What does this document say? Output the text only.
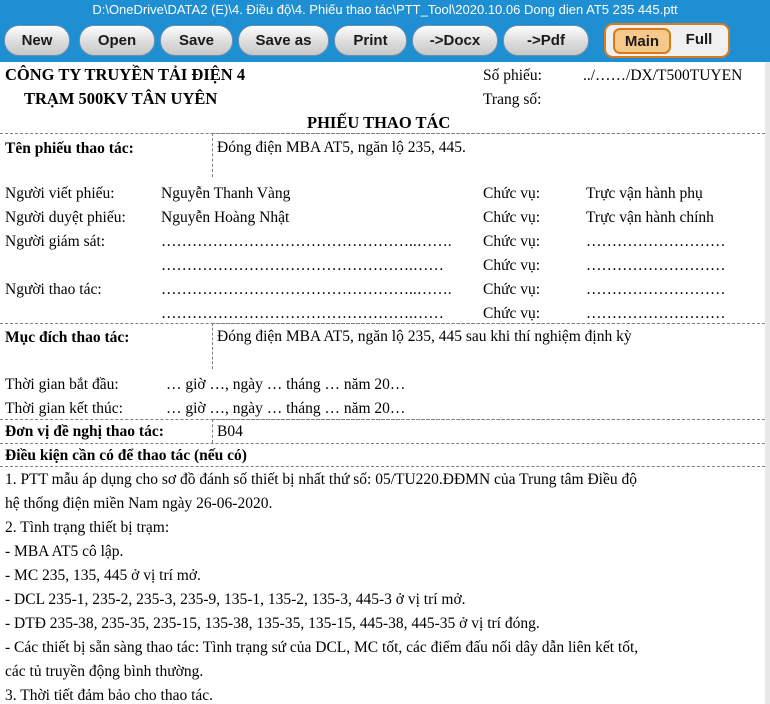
D:\OneDrive\DATA2 (E)\4. Điều độ\4. Phiếu thao tác\PTT_Tool\2020.10.06 Dong dien AT5 235 445.ptt
New	Open	Save	Save as	Print	->Docx	->Pdf	Main	Full
CÔNG TY TRUYỀN TẢI ĐIỆN 4
TRẠM 500KV TÂN UYÊN
Số phiếu:	../……/DX/T500TUYEN
Trang số:
PHIẾU THAO TÁC
Tên phiếu thao tác:	Đóng điện MBA AT5, ngăn lộ 235, 445.
Người viết phiếu:	Nguyễn Thanh Vàng	Chức vụ:	Trực vận hành phụ
Người duyệt phiếu: Nguyễn Hoàng Nhật	Chức vụ:	Trực vận hành chính
Người giám sát:	…………………………………………..……. Chức vụ:	………………………
………………………………………….……	Chức vụ:	………………………
Người thao tác:	…………………………………………..……. Chức vụ:	………………………
………………………………………….……	Chức vụ:	………………………
Mục đích thao tác:	Đóng điện MBA AT5, ngăn lộ 235, 445 sau khi thí nghiệm định kỳ
Thời gian bắt đầu:	… giờ …, ngày … tháng … năm 20…
Thời gian kết thúc:	… giờ …, ngày … tháng … năm 20…
Đơn vị đề nghị thao tác:	B04
Điều kiện cần có để thao tác (nếu có)
1. PTT mẫu áp dụng cho sơ đồ đánh số thiết bị nhất thứ số: 05/TU220.ĐĐMN của Trung tâm Điều độ
hệ thống điện miền Nam ngày 26-06-2020.
2. Tình trạng thiết bị trạm:
- MBA AT5 cô lập.
- MC 235, 135, 445 ở vị trí mở.
- DCL 235-1, 235-2, 235-3, 235-9, 135-1, 135-2, 135-3, 445-3 ở vị trí mở.
- DTĐ 235-38, 235-35, 235-15, 135-38, 135-35, 135-15, 445-38, 445-35 ở vị trí đóng.
- Các thiết bị sẵn sàng thao tác: Tình trạng sứ của DCL, MC tốt, các điểm đấu nối dây dẫn liên kết tốt,
các tủ truyền động bình thường.
3. Thời tiết đảm bảo cho thao tác.
